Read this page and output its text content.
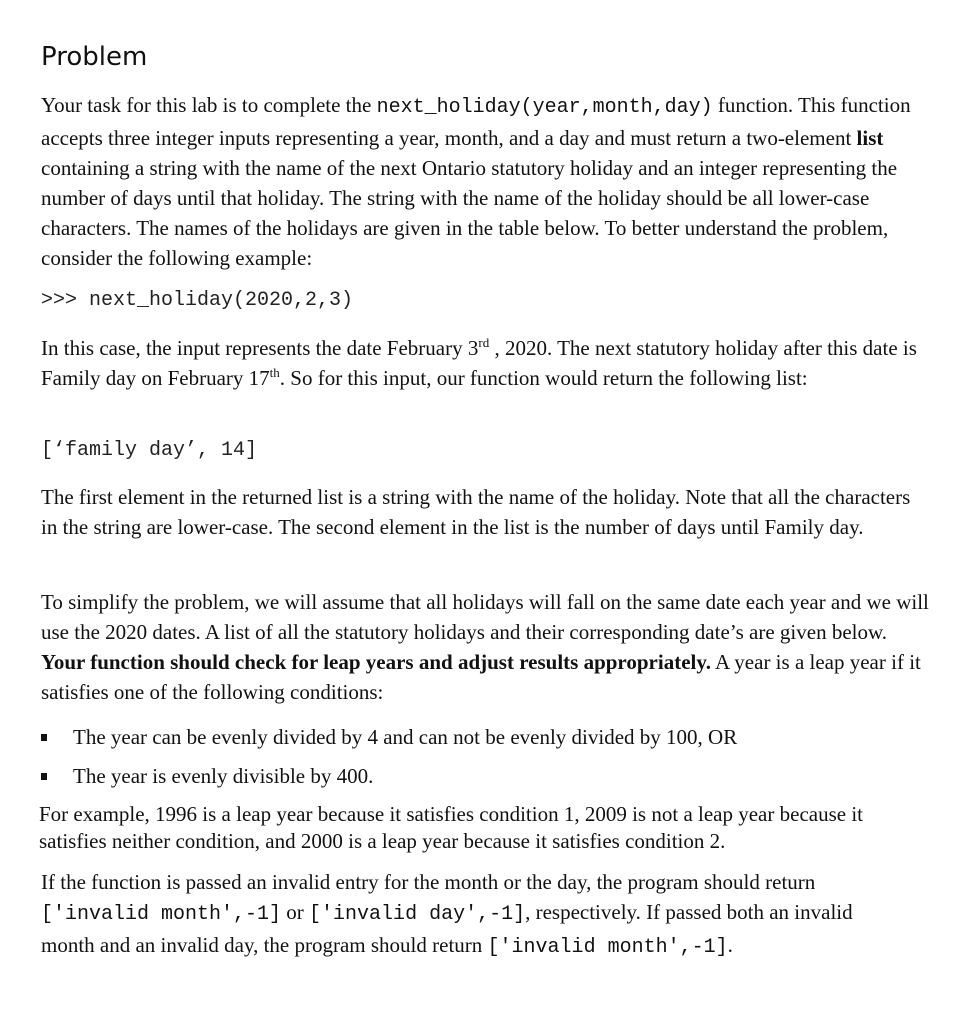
Problem

Your task for this lab is to complete the next_holiday(year,month,day) function. This function accepts three integer inputs representing a year, month, and a day and must return a two-element list containing a string with the name of the next Ontario statutory holiday and an integer representing the number of days until that holiday. The string with the name of the holiday should be all lower-case characters. The names of the holidays are given in the table below. To better understand the problem, consider the following example:

>>> next_holiday(2020,2,3)

In this case, the input represents the date February 3rd , 2020. The next statutory holiday after this date is Family day on February 17th. So for this input, our function would return the following list:

[‘family day’, 14]

The first element in the returned list is a string with the name of the holiday. Note that all the characters in the string are lower-case. The second element in the list is the number of days until Family day.

To simplify the problem, we will assume that all holidays will fall on the same date each year and we will use the 2020 dates. A list of all the statutory holidays and their corresponding date’s are given below. Your function should check for leap years and adjust results appropriately. A year is a leap year if it satisfies one of the following conditions:

The year can be evenly divided by 4 and can not be evenly divided by 100, OR
The year is evenly divisible by 400.

For example, 1996 is a leap year because it satisfies condition 1, 2009 is not a leap year because it satisfies neither condition, and 2000 is a leap year because it satisfies condition 2.

If the function is passed an invalid entry for the month or the day, the program should return ['invalid month',-1] or ['invalid day',-1], respectively. If passed both an invalid month and an invalid day, the program should return ['invalid month',-1].
